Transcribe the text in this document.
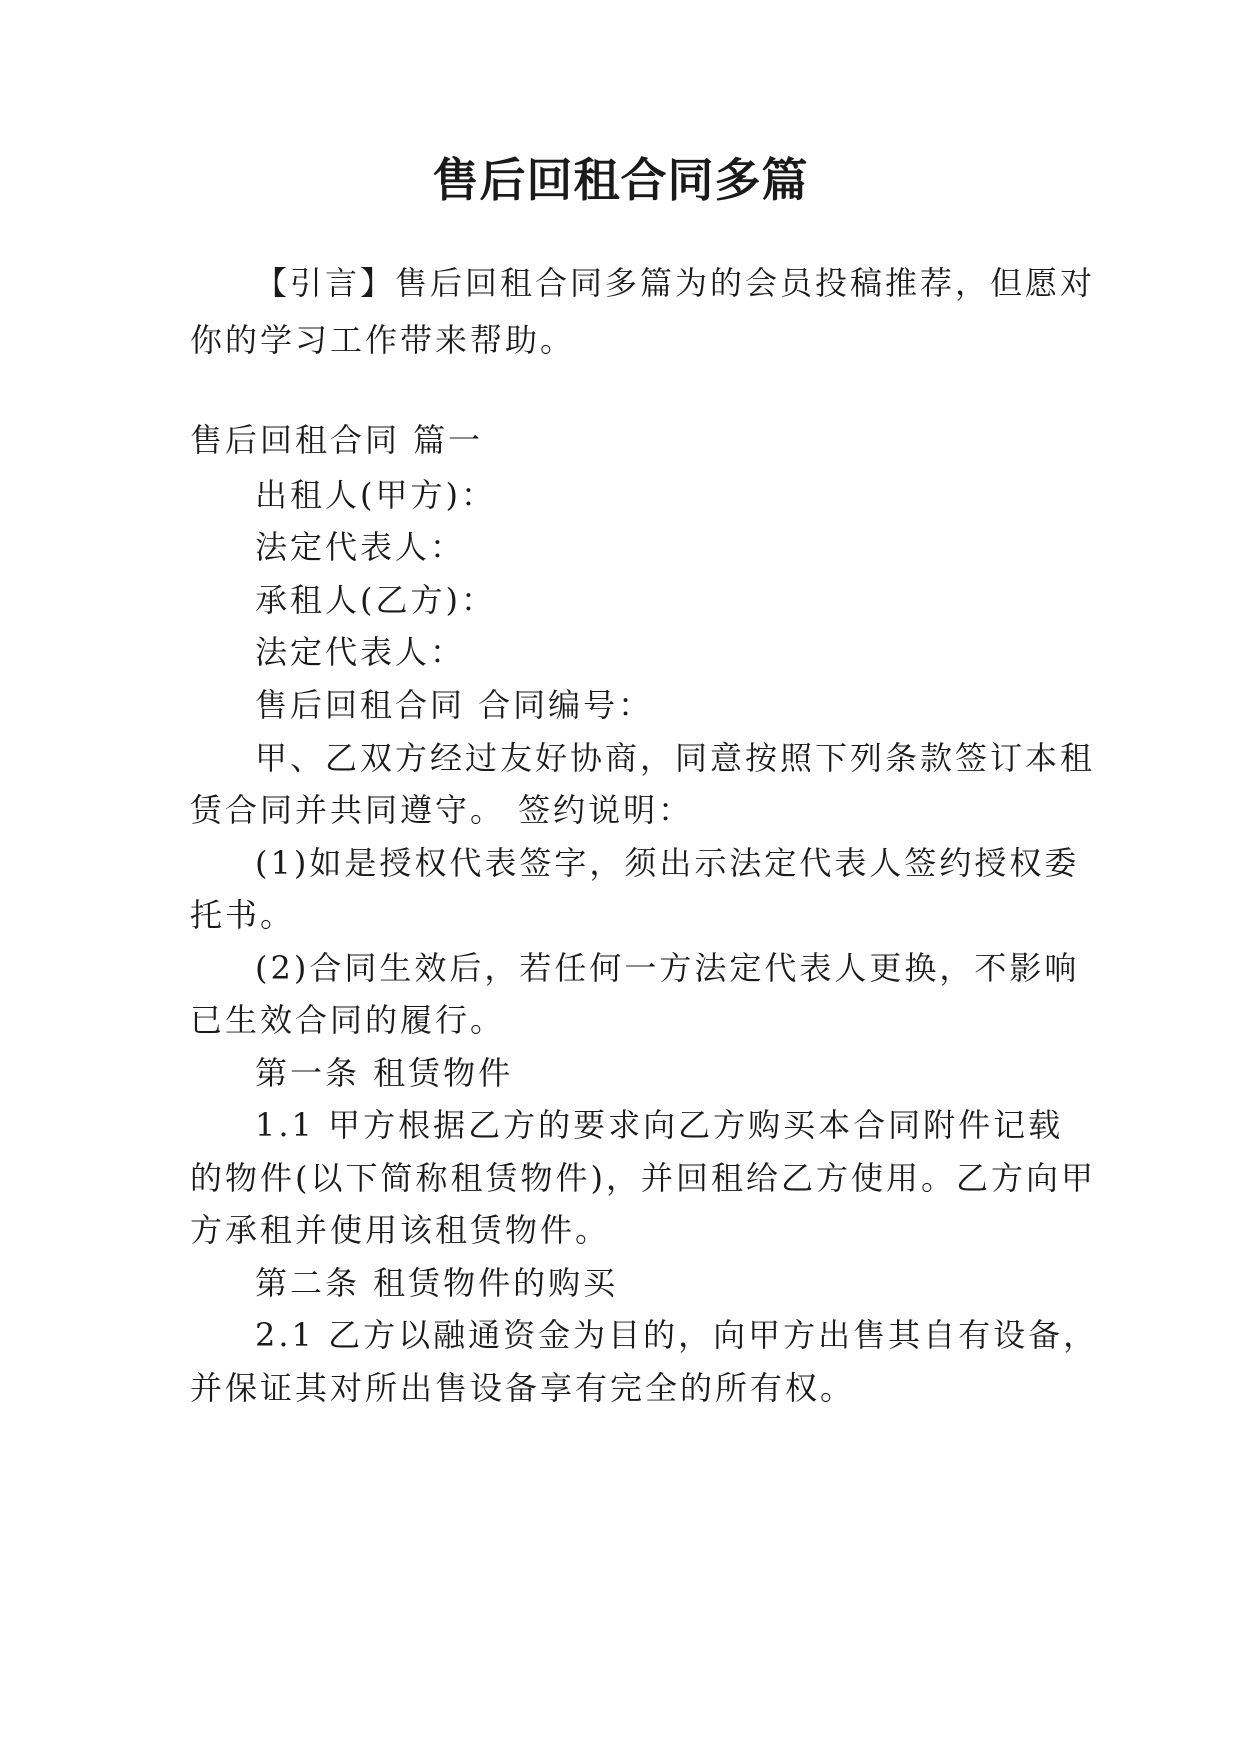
售后回租合同多篇

【引言】售后回租合同多篇为的会员投稿推荐，但愿对

你的学习工作带来帮助。

售后回租合同 篇一

出租人(甲方)：

法定代表人：

承租人(乙方)：

法定代表人：

售后回租合同 合同编号：

甲、乙双方经过友好协商，同意按照下列条款签订本租

赁合同并共同遵守。 签约说明：

(1)如是授权代表签字，须出示法定代表人签约授权委

托书。

(2)合同生效后，若任何一方法定代表人更换，不影响

已生效合同的履行。

第一条 租赁物件

1.1 甲方根据乙方的要求向乙方购买本合同附件记载

的物件(以下简称租赁物件)，并回租给乙方使用。乙方向甲

方承租并使用该租赁物件。

第二条 租赁物件的购买

2.1 乙方以融通资金为目的，向甲方出售其自有设备，

并保证其对所出售设备享有完全的所有权。
